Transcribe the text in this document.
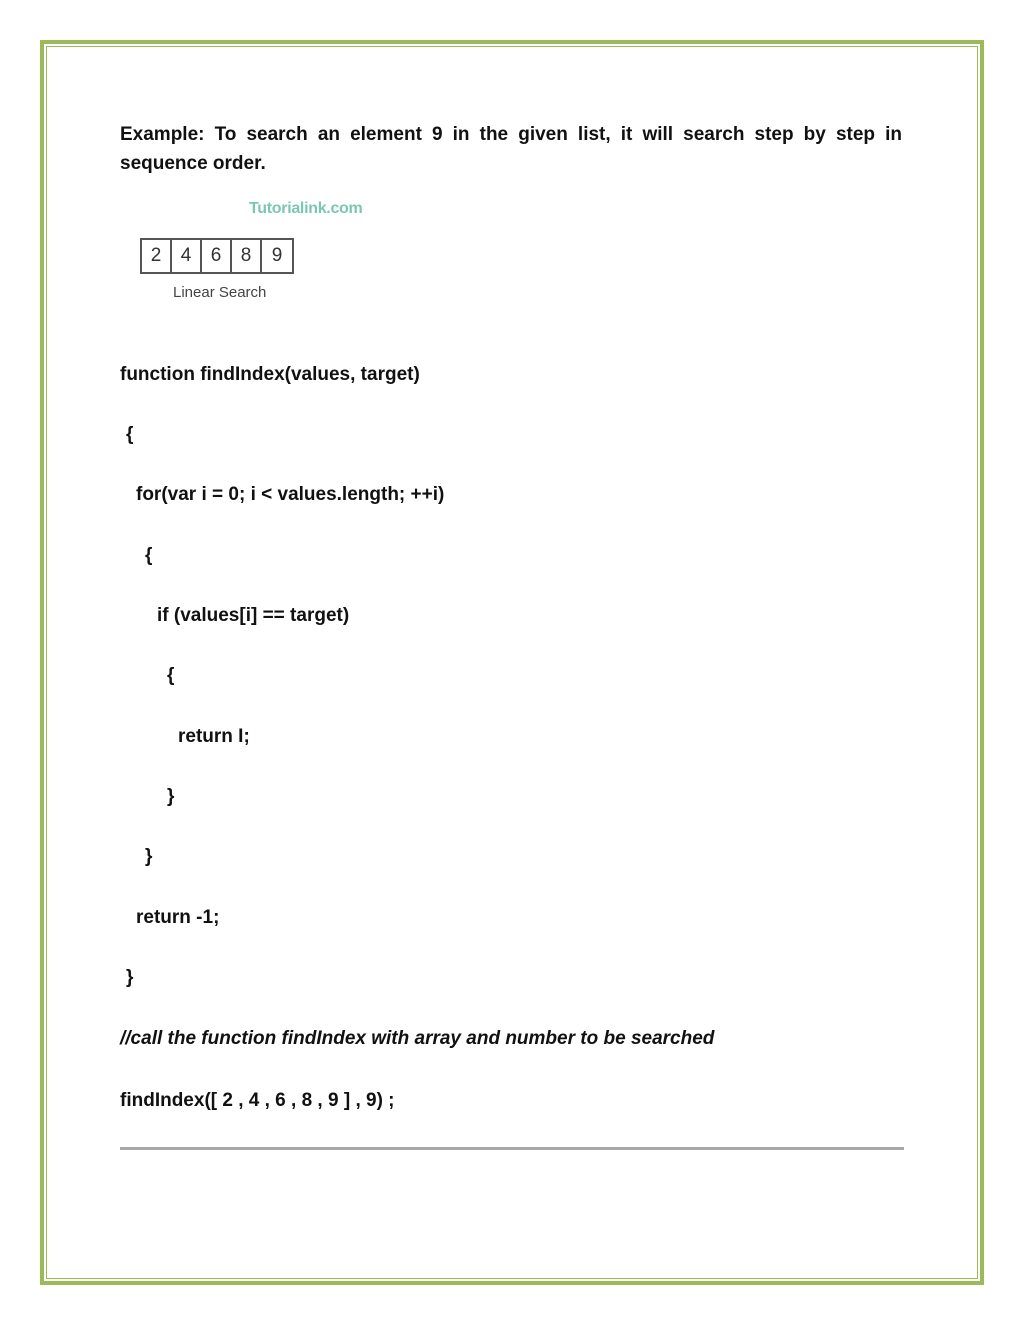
Example: To search an element 9 in the given list, it will search step by step in sequence order.

Tutorialink.com
2	4	6	8	9
Linear Search
function findIndex(values, target)
{
for(var i = 0; i < values.length; ++i)
{
if (values[i] == target)
{
return I;
}
}
return -1;
}
//call the function findIndex with array and number to be searched
findIndex([ 2 , 4 , 6 , 8 , 9 ] , 9) ;
